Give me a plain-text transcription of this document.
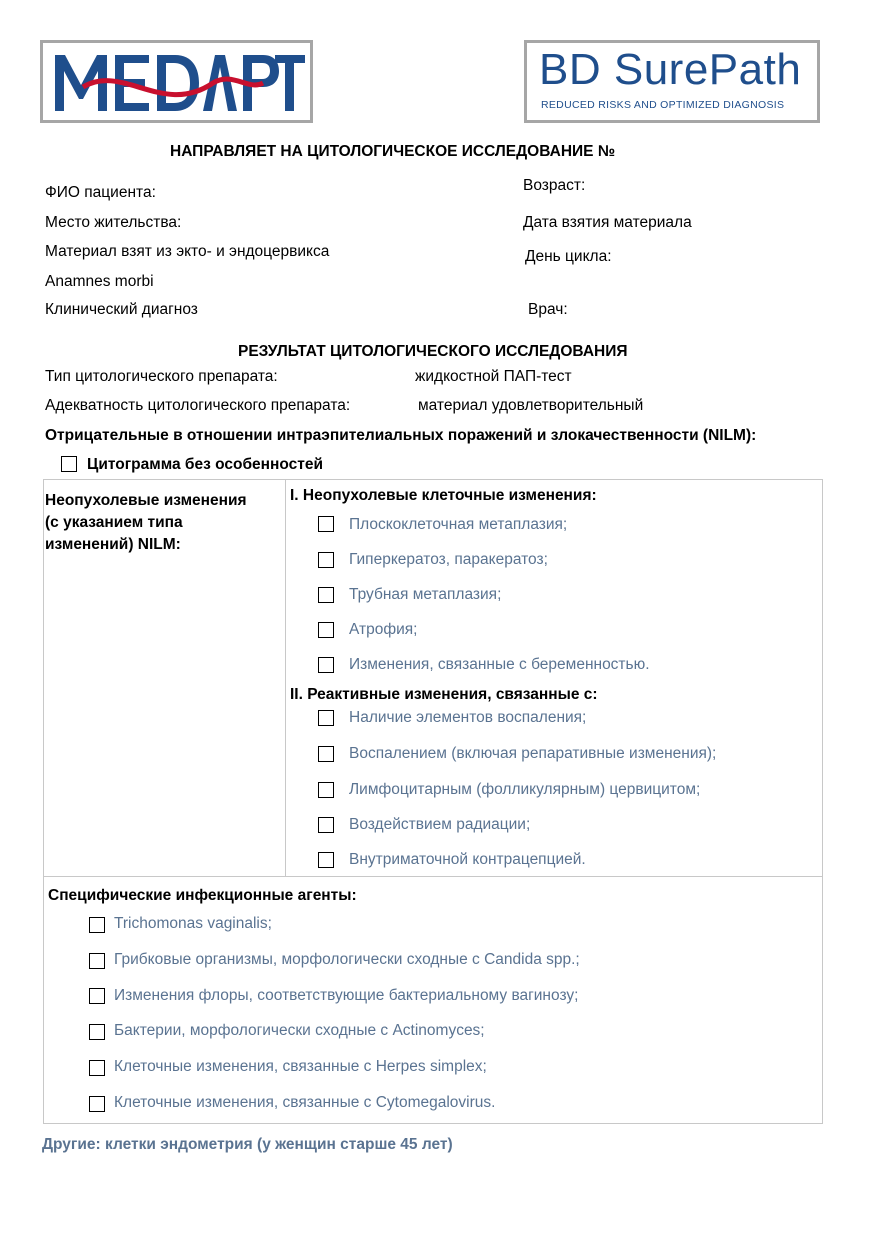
MEDART
BD SurePath
REDUCED RISKS AND OPTIMIZED DIAGNOSIS
НАПРАВЛЯЕТ НА ЦИТОЛОГИЧЕСКОЕ ИССЛЕДОВАНИЕ №
ФИО пациента:
Место жительства:
Материал взят из экто- и эндоцервикса
Anamnes morbi
Клинический диагноз
Возраст:
Дата взятия материала
День цикла:
Врач:
РЕЗУЛЬТАТ ЦИТОЛОГИЧЕСКОГО ИССЛЕДОВАНИЯ
Тип цитологического препарата:	жидкостной ПАП-тест
Адекватность цитологического препарата:	материал удовлетворительный
Отрицательные в отношении интраэпителиальных поражений и злокачественности (NILM):
Цитограмма без особенностей
Неопухолевые изменения
(с указанием типа
изменений) NILM:
I. Неопухолевые клеточные изменения:
Плоскоклеточная метаплазия;
Гиперкератоз, паракератоз;
Трубная метаплазия;
Атрофия;
Изменения, связанные с беременностью.
II. Реактивные изменения, связанные с:
Наличие элементов воспаления;
Воспалением (включая репаративные изменения);
Лимфоцитарным (фолликулярным) цервицитом;
Воздействием радиации;
Внутриматочной контрацепцией.
Специфические инфекционные агенты:
Trichomonas vaginalis;
Грибковые организмы, морфологически сходные с Candida spp.;
Изменения флоры, соответствующие бактериальному вагинозу;
Бактерии, морфологически сходные с Actinomyces;
Клеточные изменения, связанные с Herpes simplex;
Клеточные изменения, связанные с Cytomegalovirus.
Другие: клетки эндометрия (у женщин старше 45 лет)
